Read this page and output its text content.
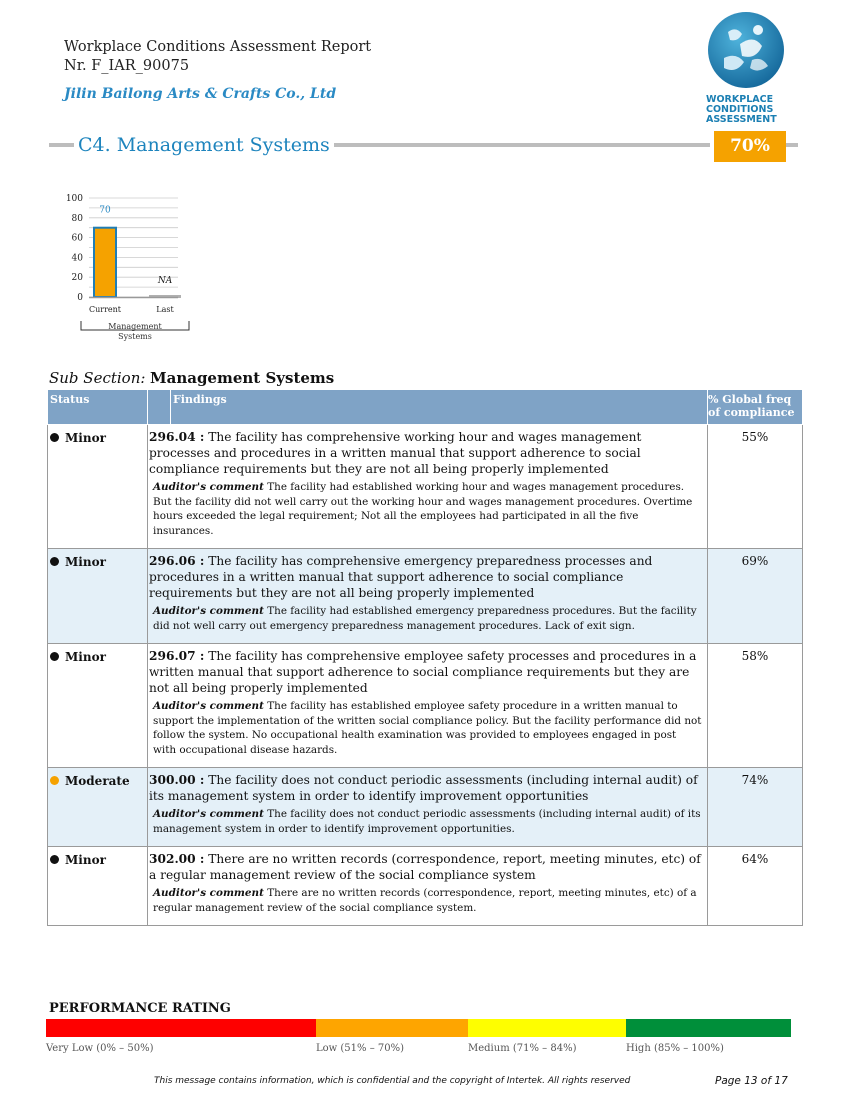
Workplace Conditions Assessment Report
Nr. F_IAR_90075
Jilin Bailong Arts & Crafts Co., Ltd	WORKPLACE
CONDITIONS
ASSESSMENT
C4. Management Systems	70%
0
20
40
60
80
100
70
NA
Current	Last
Management
Systems
Sub Section: Management Systems
Status		Findings	% Global freq of compliance
Minor	296.04 : The facility has comprehensive working hour and wages management processes and procedures in a written manual that support adherence to social compliance requirements but they are not all being properly implemented
Auditor's comment The facility had established working hour and wages management procedures. But the facility did not well carry out the working hour and wages management procedures. Overtime hours exceeded the legal requirement; Not all the employees had participated in all the five insurances.		55%
Minor	296.06 : The facility has comprehensive emergency preparedness processes and procedures in a written manual that support adherence to social compliance requirements but they are not all being properly implemented
Auditor's comment The facility had established emergency preparedness procedures. But the facility did not well carry out emergency preparedness management procedures. Lack of exit sign.		69%
Minor	296.07 : The facility has comprehensive employee safety processes and procedures in a written manual that support adherence to social compliance requirements but they are not all being properly implemented
Auditor's comment The facility has established employee safety procedure in a written manual to support the implementation of the written social compliance policy. But the facility performance did not follow the system. No occupational health examination was provided to employees engaged in post with occupational disease hazards.		58%
Moderate	300.00 : The facility does not conduct periodic assessments (including internal audit) of its management system in order to identify improvement opportunities
Auditor's comment The facility does not conduct periodic assessments (including internal audit) of its management system in order to identify improvement opportunities.		74%
Minor	302.00 : There are no written records (correspondence, report, meeting minutes, etc) of a regular management review of the social compliance system
Auditor's comment There are no written records (correspondence, report, meeting minutes, etc) of a regular management review of the social compliance system.		64%
PERFORMANCE RATING
Very Low (0% – 50%)	Low (51% – 70%)	Medium (71% – 84%)	High (85% – 100%)
This message contains information, which is confidential and the copyright of Intertek. All rights reserved	Page 13 of 17
